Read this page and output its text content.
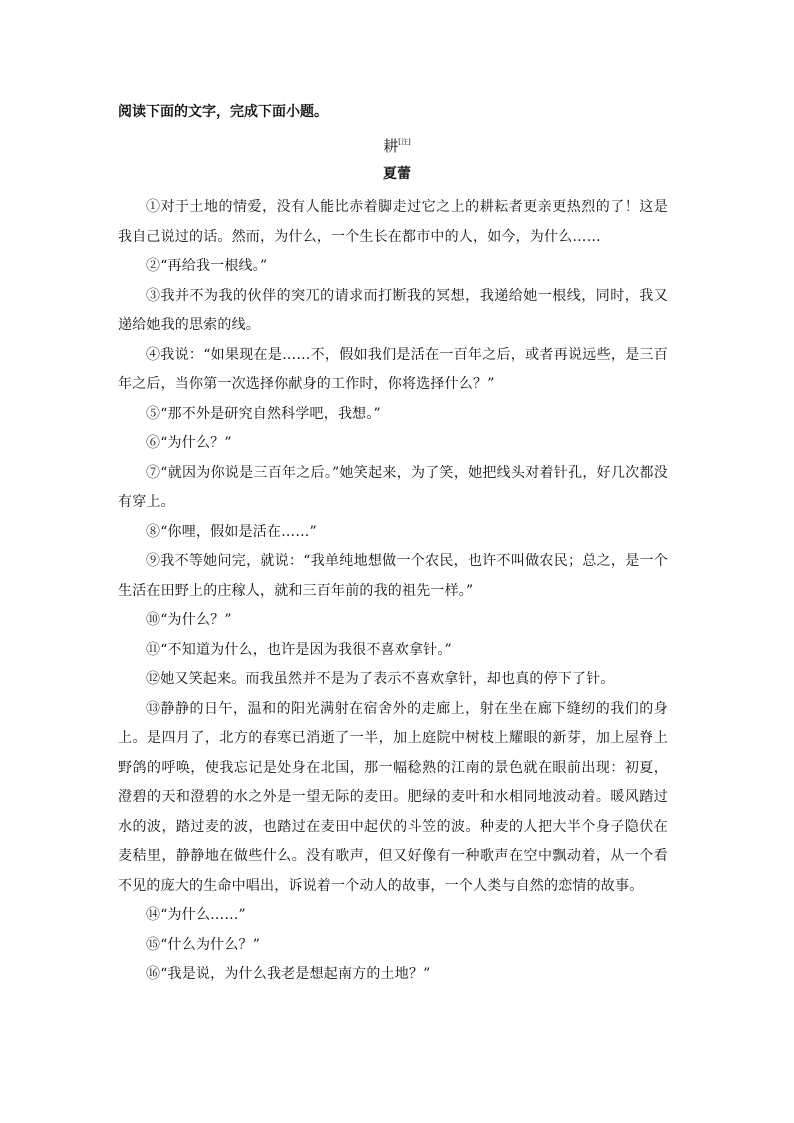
阅读下面的文字，完成下面小题。
耕[注]
夏蕾

①对于土地的情爱，没有人能比赤着脚走过它之上的耕耘者更亲更热烈的了！这是我自己说过的话。然而，为什么，一个生长在都市中的人，如今，为什么……

②“再给我一根线。”

③我并不为我的伙伴的突兀的请求而打断我的冥想，我递给她一根线，同时，我又递给她我的思索的线。

④我说：“如果现在是……不，假如我们是活在一百年之后，或者再说远些，是三百年之后，当你第一次选择你献身的工作时，你将选择什么？”

⑤“那不外是研究自然科学吧，我想。”

⑥“为什么？”

⑦“就因为你说是三百年之后。”她笑起来，为了笑，她把线头对着针孔，好几次都没有穿上。

⑧“你哩，假如是活在……”

⑨我不等她问完，就说：“我单纯地想做一个农民，也许不叫做农民；总之，是一个生活在田野上的庄稼人，就和三百年前的我的祖先一样。”

⑩“为什么？”

⑪“不知道为什么，也许是因为我很不喜欢拿针。”

⑫她又笑起来。而我虽然并不是为了表示不喜欢拿针，却也真的停下了针。

⑬静静的日午，温和的阳光满射在宿舍外的走廊上，射在坐在廊下缝纫的我们的身上。是四月了，北方的春寒已消逝了一半，加上庭院中树枝上耀眼的新芽，加上屋脊上野鸽的呼唤，使我忘记是处身在北国，那一幅稔熟的江南的景色就在眼前出现：初夏，澄碧的天和澄碧的水之外是一望无际的麦田。肥绿的麦叶和水相同地波动着。暖风踏过水的波，踏过麦的波，也踏过在麦田中起伏的斗笠的波。种麦的人把大半个身子隐伏在麦秸里，静静地在做些什么。没有歌声，但又好像有一种歌声在空中飘动着，从一个看不见的庞大的生命中唱出，诉说着一个动人的故事，一个人类与自然的恋情的故事。

⑭“为什么……”

⑮“什么为什么？”

⑯“我是说，为什么我老是想起南方的土地？”
